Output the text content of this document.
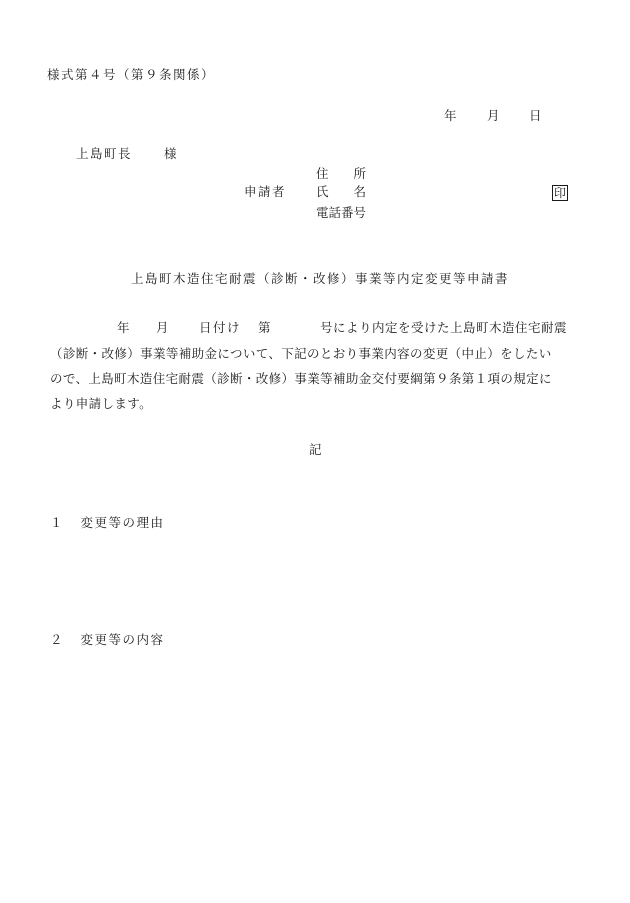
様式第４号（第９条関係）
年 月 日
上島町長	様
住　　所
申請者 氏　　名	印
電話番号
上島町木造住宅耐震（診断・改修）事業等内定変更等申請書
年 月 日付け 第	号により内定を受けた上島町木造住宅耐震
（診断・改修）事業等補助金について、下記のとおり事業内容の変更（中止）をしたい
ので、上島町木造住宅耐震（診断・改修）事業等補助金交付要綱第９条第１項の規定に
より申請します。
記
１ 変更等の理由
２ 変更等の内容
